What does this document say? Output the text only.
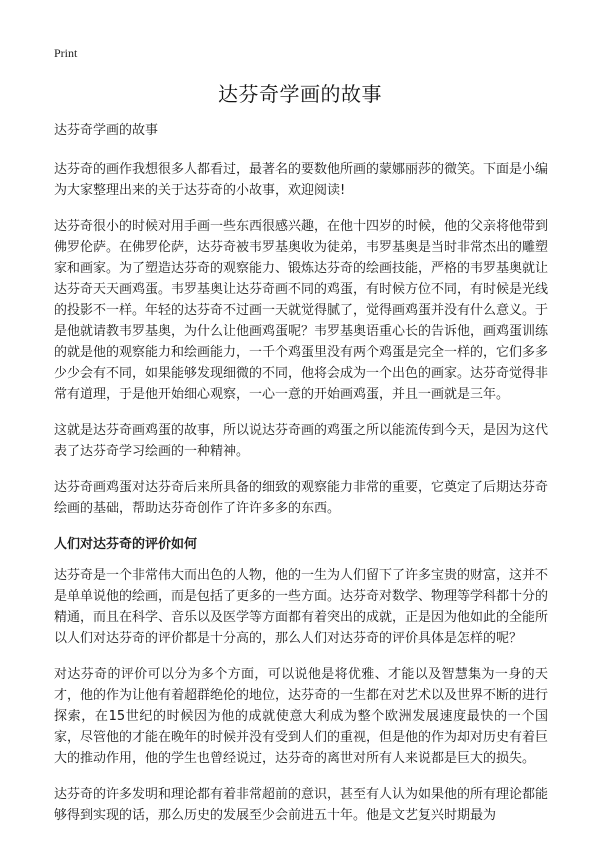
Print
达芬奇学画的故事

达芬奇学画的故事

达芬奇的画作我想很多人都看过，最著名的要数他所画的蒙娜丽莎的微笑。下面是小编为大家整理出来的关于达芬奇的小故事，欢迎阅读!

达芬奇很小的时候对用手画一些东西很感兴趣，在他十四岁的时候，他的父亲将他带到佛罗伦萨。在佛罗伦萨，达芬奇被韦罗基奥收为徒弟，韦罗基奥是当时非常杰出的雕塑家和画家。为了塑造达芬奇的观察能力、锻炼达芬奇的绘画技能，严格的韦罗基奥就让达芬奇天天画鸡蛋。韦罗基奥让达芬奇画不同的鸡蛋，有时候方位不同，有时候是光线的投影不一样。年轻的达芬奇不过画一天就觉得腻了，觉得画鸡蛋并没有什么意义。于是他就请教韦罗基奥，为什么让他画鸡蛋呢？韦罗基奥语重心长的告诉他，画鸡蛋训练的就是他的观察能力和绘画能力，一千个鸡蛋里没有两个鸡蛋是完全一样的，它们多多少少会有不同，如果能够发现细微的不同，他将会成为一个出色的画家。达芬奇觉得非常有道理，于是他开始细心观察，一心一意的开始画鸡蛋，并且一画就是三年。

这就是达芬奇画鸡蛋的故事，所以说达芬奇画的鸡蛋之所以能流传到今天，是因为这代表了达芬奇学习绘画的一种精神。

达芬奇画鸡蛋对达芬奇后来所具备的细致的观察能力非常的重要，它奠定了后期达芬奇绘画的基础，帮助达芬奇创作了许许多多的东西。

人们对达芬奇的评价如何

达芬奇是一个非常伟大而出色的人物，他的一生为人们留下了许多宝贵的财富，这并不是单单说他的绘画，而是包括了更多的一些方面。达芬奇对数学、物理等学科都十分的精通，而且在科学、音乐以及医学等方面都有着突出的成就，正是因为他如此的全能所以人们对达芬奇的评价都是十分高的，那么人们对达芬奇的评价具体是怎样的呢？

对达芬奇的评价可以分为多个方面，可以说他是将优雅、才能以及智慧集为一身的天才，他的作为让他有着超群绝伦的地位，达芬奇的一生都在对艺术以及世界不断的进行探索，在15世纪的时候因为他的成就使意大利成为整个欧洲发展速度最快的一个国家，尽管他的才能在晚年的时候并没有受到人们的重视，但是他的作为却对历史有着巨大的推动作用，他的学生也曾经说过，达芬奇的离世对所有人来说都是巨大的损失。

达芬奇的许多发明和理论都有着非常超前的意识，甚至有人认为如果他的所有理论都能够得到实现的话，那么历史的发展至少会前进五十年。他是文艺复兴时期最为
